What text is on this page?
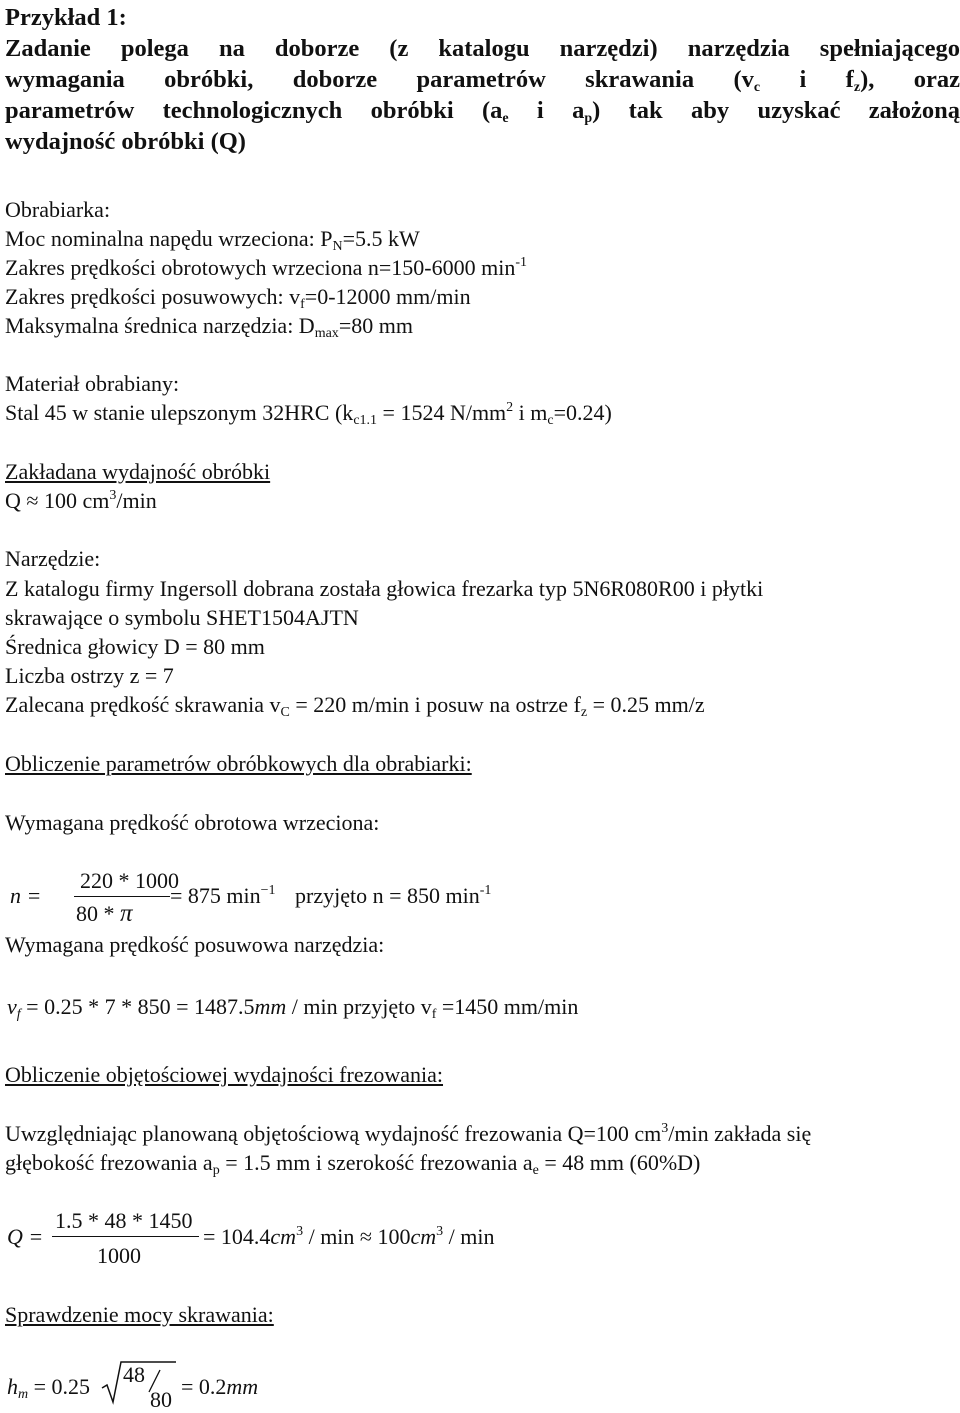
Przykład 1:
Zadanie polega na doborze (z katalogu narzędzi) narzędzia spełniającego
wymagania obróbki, doborze parametrów skrawania ($v_c$ i $f_z$), oraz
parametrów technologicznych obróbki ($a_e$ i $a_p$) tak aby uzyskać założoną
wydajność obróbki (Q)
Obrabiarka:
Moc nominalna napędu wrzeciona: $P_N=5.5$ kW
Zakres prędkości obrotowych wrzeciona n=150-6000 $\min^{-1}$
Zakres prędkości posuwowych: $v_f=0-12000$ mm/min
Maksymalna średnica narzędzia: $D_{max}=80$ mm
Materiał obrabiany:
Stal 45 w stanie ulepszonym 32HRC ($k_{c1.1} = 1524$ $N/mm^2$ i $m_c=0.24$)
Zakładana wydajność obróbki
Q ≈ 100 $cm^3/\min$
Narzędzie:
Z katalogu firmy Ingersoll dobrana została głowica frezarka typ 5N6R080R00 i płytki
skrawające o symbolu SHET1504AJTN
Średnica głowicy D = 80 mm
Liczba ostrzy z = 7
Zalecana prędkość skrawania $v_C = 220$ m/min i posuw na ostrze $f_z = 0.25$ mm/z
Obliczenie parametrów obróbkowych dla obrabiarki:
Wymagana prędkość obrotowa wrzeciona:
n =
220 * 1000
80 * π
= 875 $\min^{-1}$ przyjęto n = 850 $\min^{-1}$
Wymagana prędkość posuwowa narzędzia:
$v_f = 0.25 * 7 * 850 = 1487.5mm / \min$ przyjęto $v_f =1450$ mm/min
Obliczenie objętościowej wydajności frezowania:
Uwzględniając planowaną objętościową wydajność frezowania Q=100 $cm^3/\min$ zakłada się
głębokość frezowania $a_p = 1.5$ mm i szerokość frezowania $a_e = 48$ mm (60%D)
Q =
1.5 * 48 * 1450
1000
= $104.4cm^3 / \min \approx 100cm^3 / \min$
Sprawdzenie mocy skrawania:
$h_m = 0.25$ 48
80
= 0.2mm
